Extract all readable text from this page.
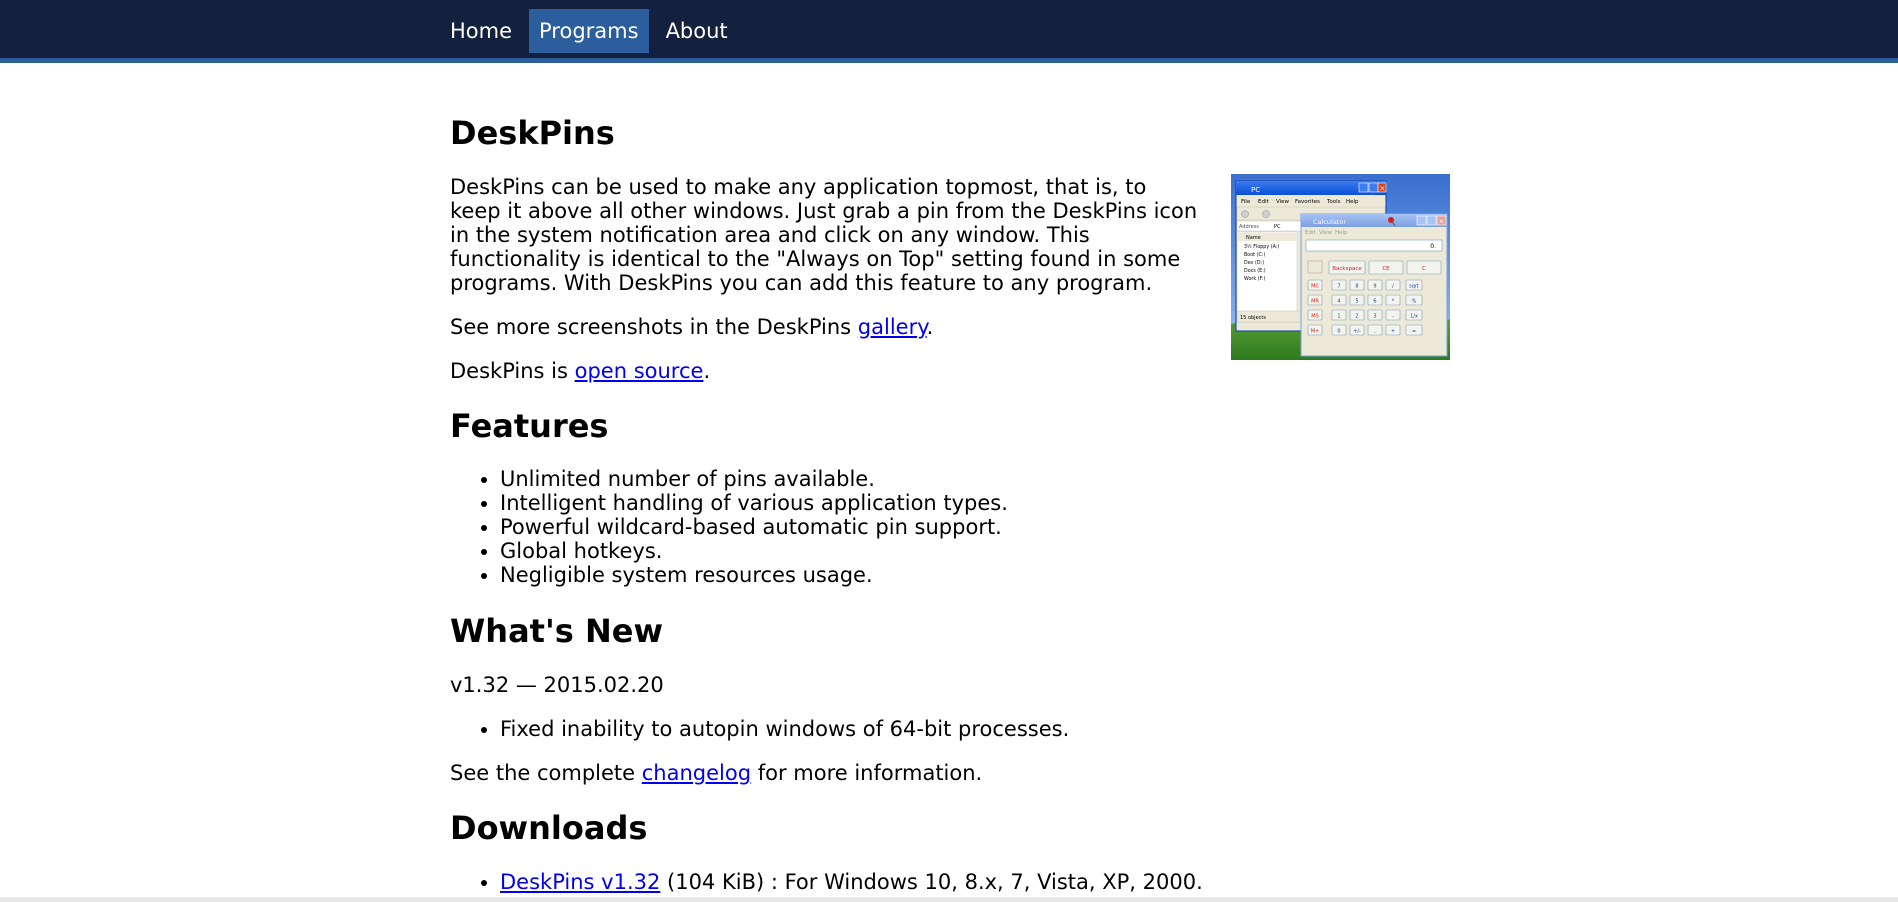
Home	Programs	About
DeskPins

DeskPins can be used to make any application topmost, that is, to keep it above all other windows. Just grab a pin from the DeskPins icon in the system notification area and click on any window. This functionality is identical to the "Always on Top" setting found in some programs. With DeskPins you can add this feature to any program.

See more screenshots in the DeskPins gallery.

DeskPins is open source.

Features
• Unlimited number of pins available.
• Intelligent handling of various application types.
• Powerful wildcard-based automatic pin support.
• Global hotkeys.
• Negligible system resources usage.
What's New

v1.32 — 2015.02.20

• Fixed inability to autopin windows of 64-bit processes.

See the complete changelog for more information.

Downloads
• DeskPins v1.32 (104 KiB) : For Windows 10, 8.x, 7, Vista, XP, 2000.
PC	×
File Edit View Favorites Tools Help
Address	PC
Name
3½ Floppy (A:)
Boot (C:)
Dev (D:)
Docs (E:)
Work (F:)
15 objects
Calculator	×
Edit View Help
0.
Backspace	CE	C
MC	7	8	9	/	sqrt
MR	4	5	6	*	%
MS	1	2	3	-	1/x
M+	0	+/-	.	+	=
